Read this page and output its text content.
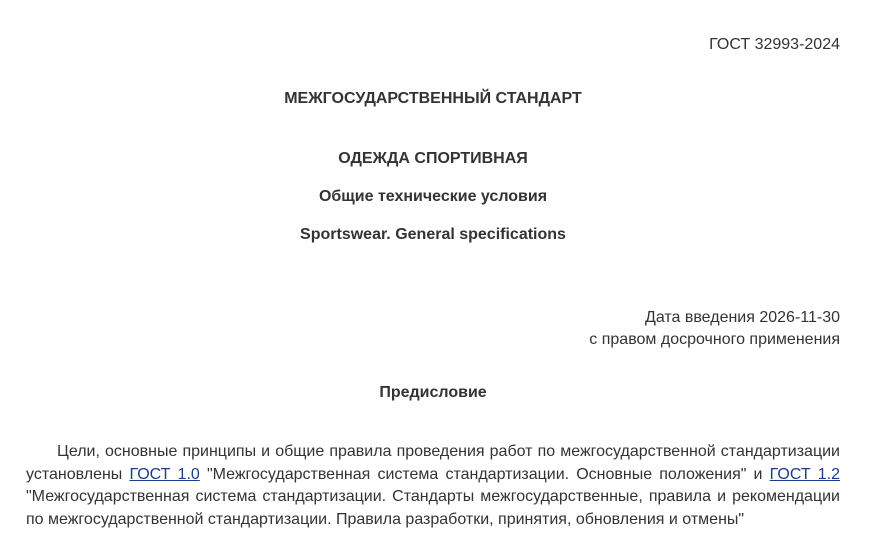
ГОСТ 32993-2024
МЕЖГОСУДАРСТВЕННЫЙ СТАНДАРТ
ОДЕЖДА СПОРТИВНАЯ
Общие технические условия
Sportswear. General specifications
Дата введения 2026-11-30
с правом досрочного применения
Предисловие

Цели, основные принципы и общие правила проведения работ по межгосударственной стандартизации установлены ГОСТ 1.0 "Межгосударственная система стандартизации. Основные положения" и ГОСТ 1.2 "Межгосударственная система стандартизации. Стандарты межгосударственные, правила и рекомендации по межгосударственной стандартизации. Правила разработки, принятия, обновления и отмены"
